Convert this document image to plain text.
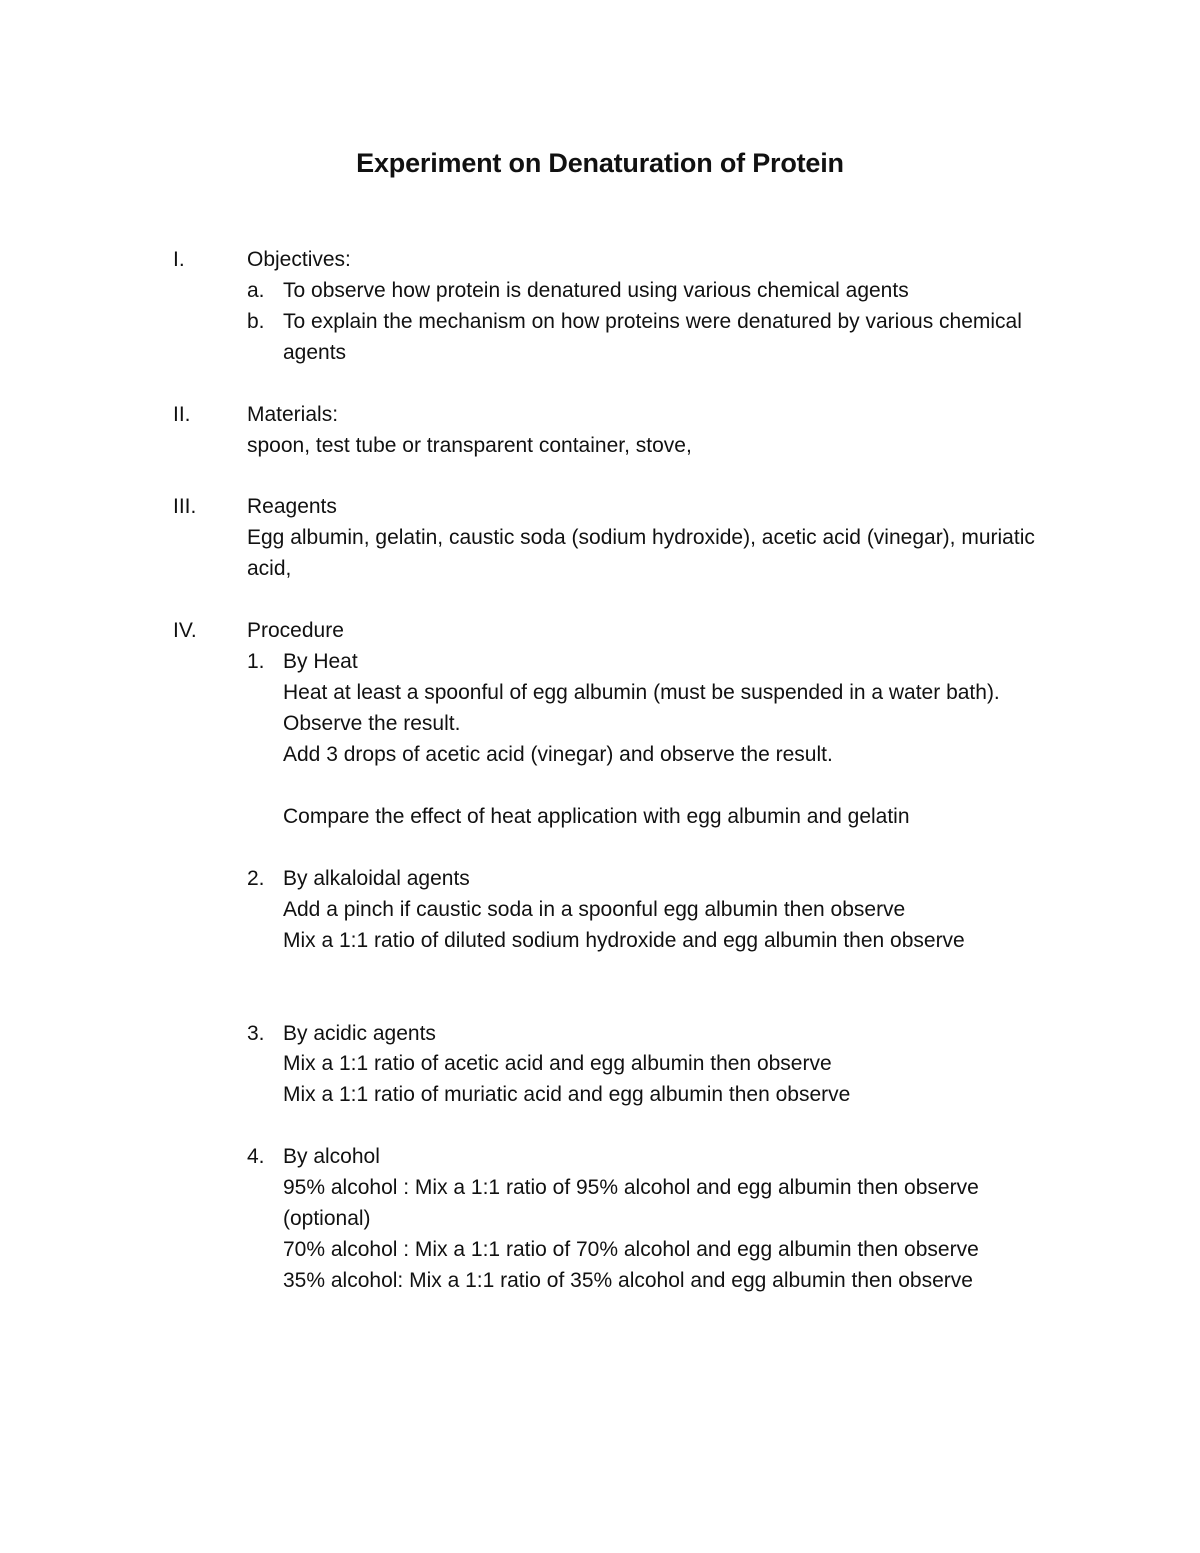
Experiment on Denaturation of Protein
I.	Objectives:
a. To observe how protein is denatured using various chemical agents
b. To explain the mechanism on how proteins were denatured by various chemical
agents
II.	Materials:
spoon, test tube or transparent container, stove,
III. Reagents
Egg albumin, gelatin, caustic soda (sodium hydroxide), acetic acid (vinegar), muriatic
acid,
IV. Procedure
1. By Heat
Heat at least a spoonful of egg albumin (must be suspended in a water bath).
Observe the result.
Add 3 drops of acetic acid (vinegar) and observe the result.
Compare the effect of heat application with egg albumin and gelatin
2. By alkaloidal agents
Add a pinch if caustic soda in a spoonful egg albumin then observe
Mix a 1:1 ratio of diluted sodium hydroxide and egg albumin then observe
3. By acidic agents
Mix a 1:1 ratio of acetic acid and egg albumin then observe
Mix a 1:1 ratio of muriatic acid and egg albumin then observe
4. By alcohol
95% alcohol : Mix a 1:1 ratio of 95% alcohol and egg albumin then observe
(optional)
70% alcohol : Mix a 1:1 ratio of 70% alcohol and egg albumin then observe
35% alcohol: Mix a 1:1 ratio of 35% alcohol and egg albumin then observe
